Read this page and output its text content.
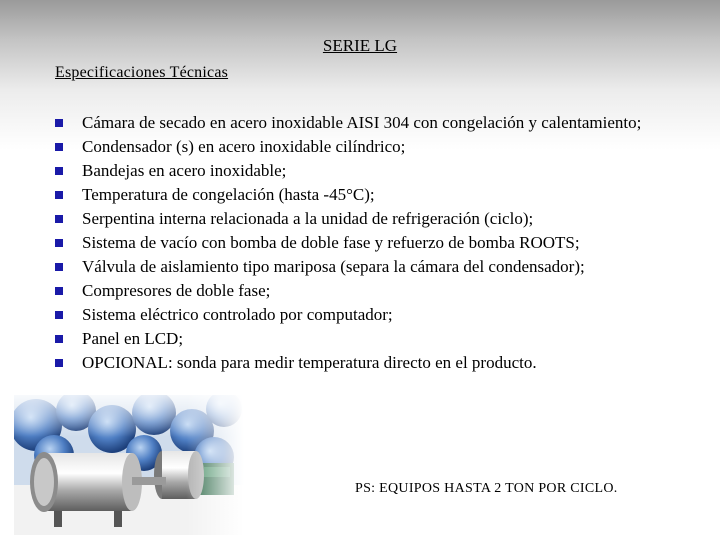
SERIE LG
Especificaciones Técnicas
Cámara de secado en acero inoxidable AISI 304 con congelación y calentamiento;
Condensador (s) en acero inoxidable cilíndrico;
Bandejas en acero inoxidable;
Temperatura de congelación (hasta -45°C);
Serpentina interna relacionada a la unidad de refrigeración (ciclo);
Sistema de vacío con bomba de doble fase y refuerzo de bomba ROOTS;
Válvula de aislamiento tipo mariposa (separa la cámara del condensador);
Compresores de doble fase;
Sistema eléctrico controlado por computador;
Panel en LCD;
OPCIONAL: sonda para medir temperatura directo en el producto.
PS: EQUIPOS HASTA 2 TON POR CICLO.
